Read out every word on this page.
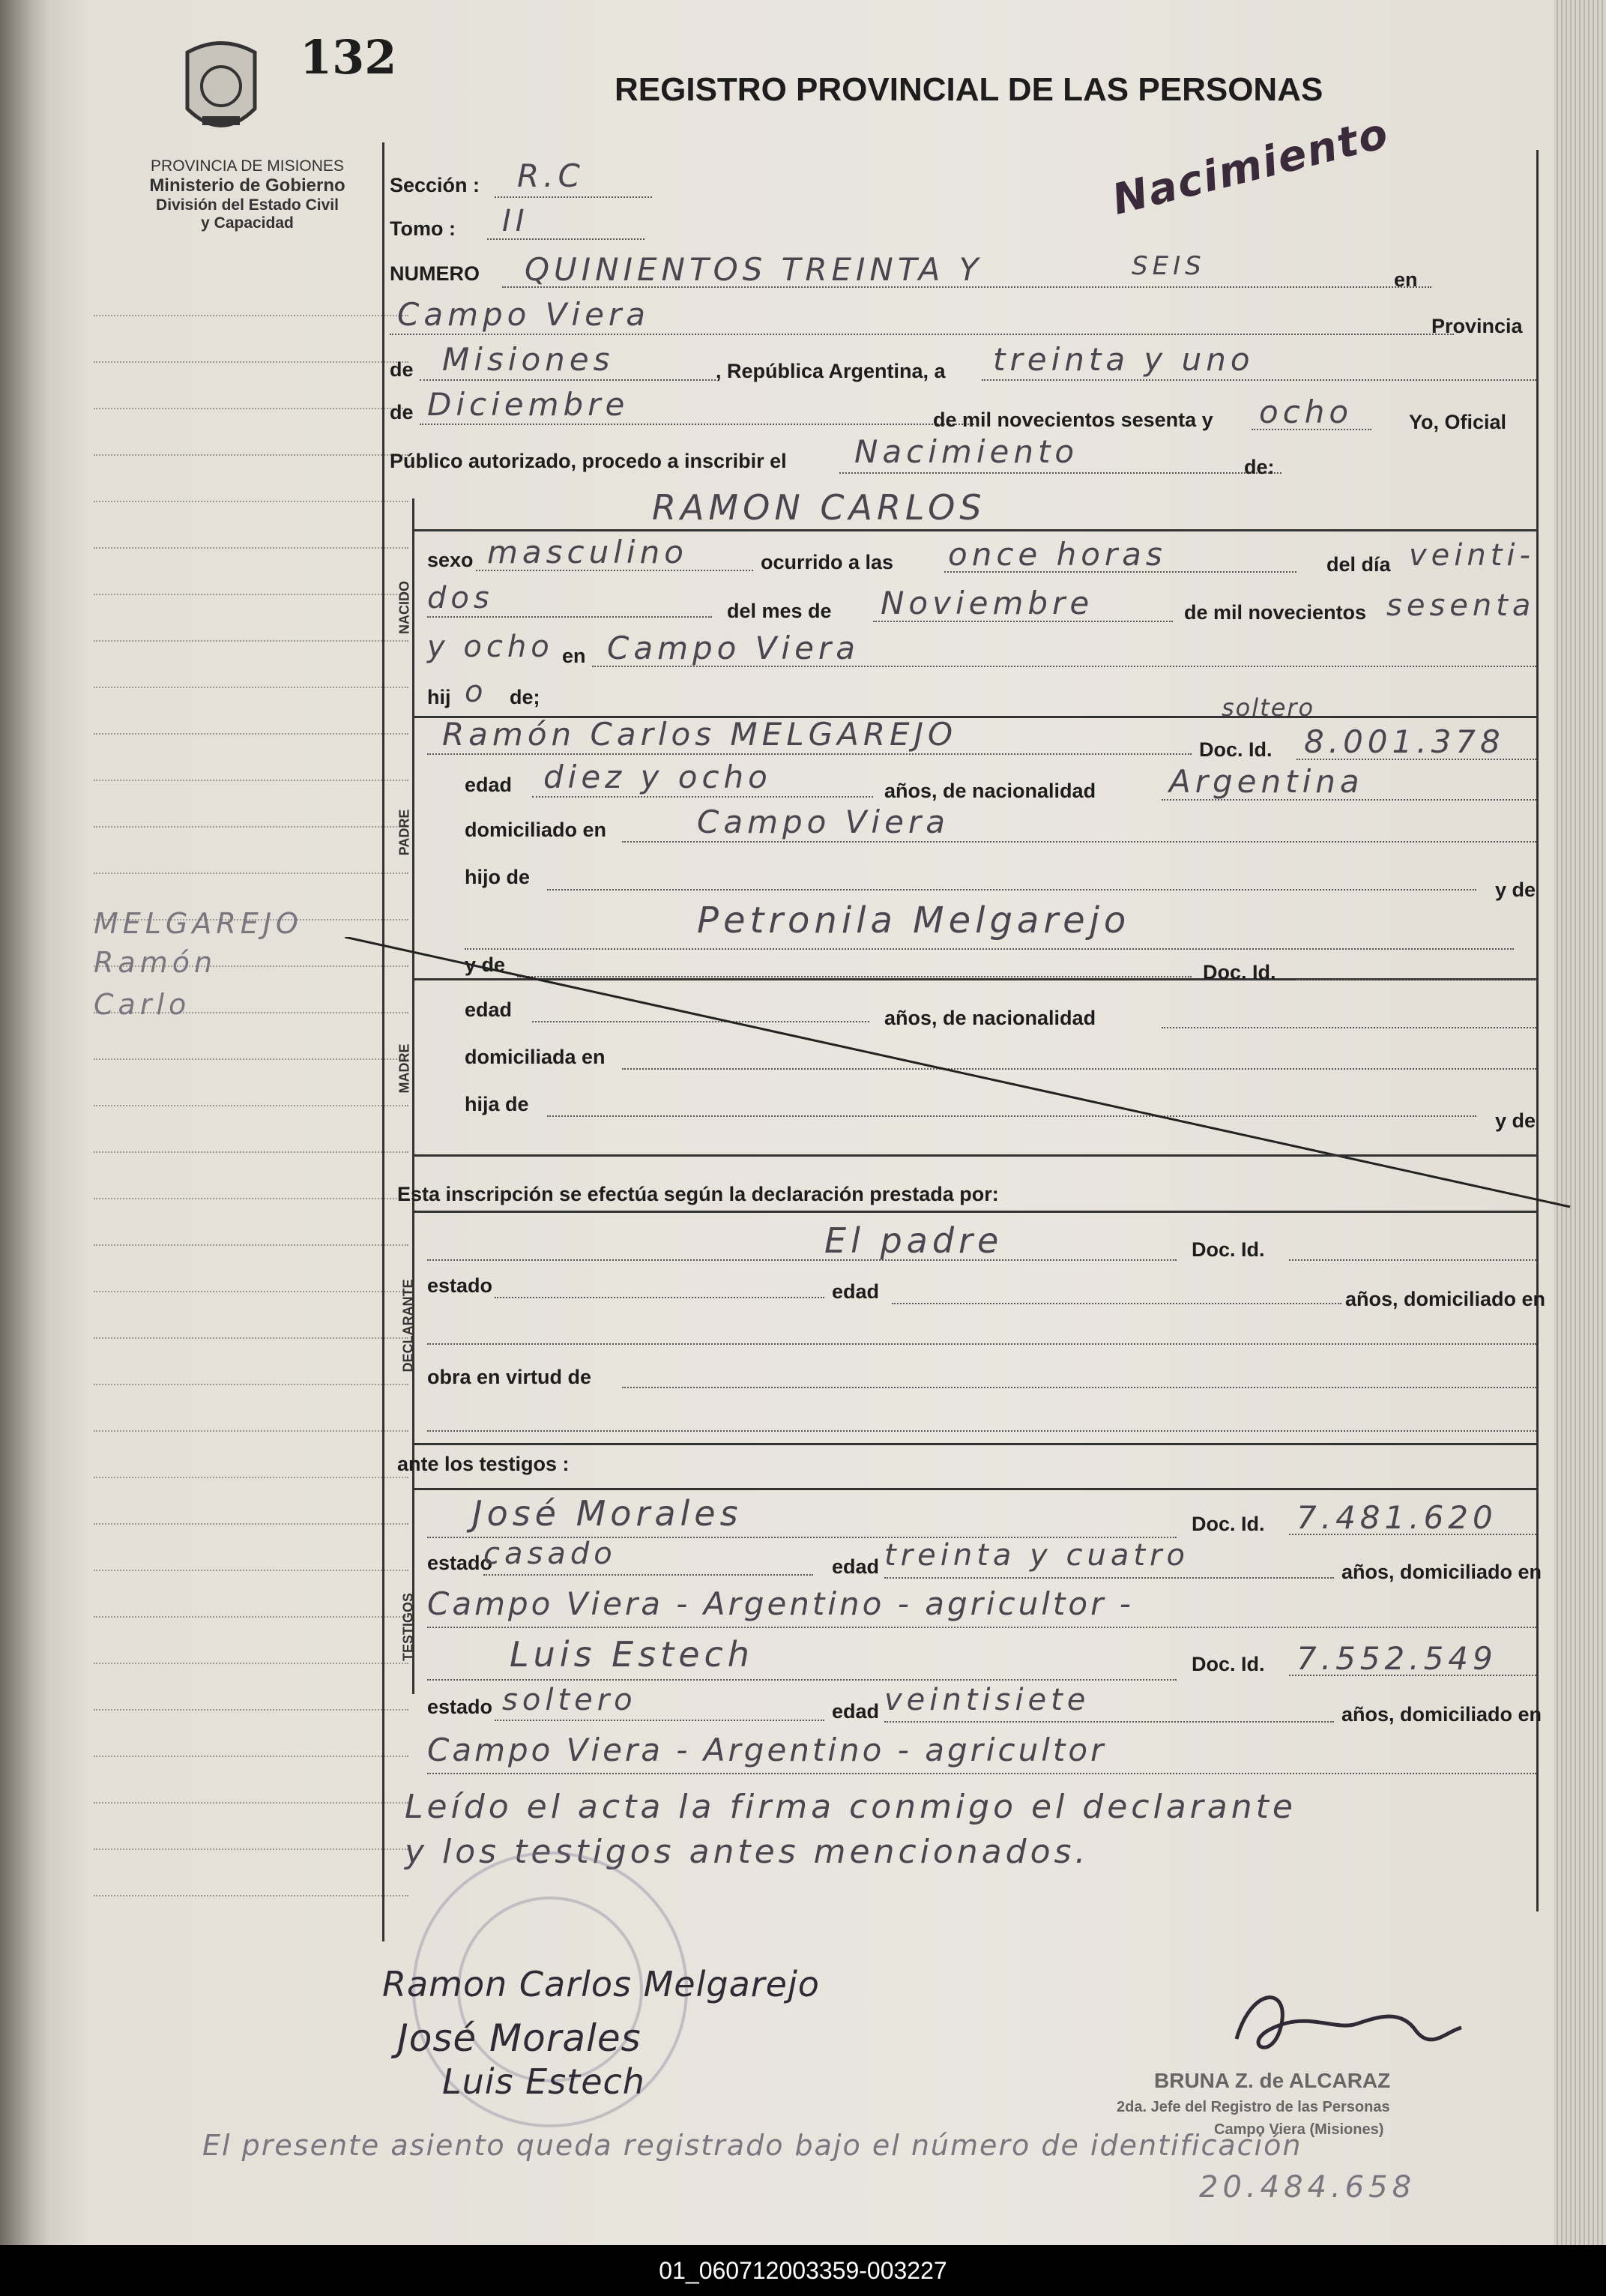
132
REGISTRO PROVINCIAL DE LAS PERSONAS
PROVINCIA DE MISIONES
Ministerio de Gobierno
División del Estado Civil
y Capacidad
MELGAREJO
Ramón
Carlo
Sección : R.C
Tomo : II	Nacimiento
NUMERO QUINIENTOS TREINTA Y	SEIS	en
Campo Viera	Provincia
de Misiones	, República Argentina, a treinta y uno
de Diciembre	de mil novecientos sesenta y ocho	Yo, Oficial
Público autorizado, procedo a inscribir el Nacimiento	de:
RAMON CARLOS
NACIDO
sexo masculino	ocurrido a las once horas	del día veinti-
dos	del mes de Noviembre	de mil novecientos sesenta
y ocho en Campo Viera
hij o de;
PADRE
soltero
Ramón Carlos MELGAREJO	Doc. Id. 8.001.378
edad diez y ocho	años, de nacionalidad Argentina
domiciliado en	Campo Viera
hijo de
y de
Petronila Melgarejo
MADRE
y de	Doc. Id.
edad	años, de nacionalidad
domiciliada en
hija de
y de
Esta inscripción se efectúa según la declaración prestada por:
DECLARANTE
El padre	Doc. Id.
estado	edad	años, domiciliado en
obra en virtud de
ante los testigos :
TESTIGOS
José Morales	Doc. Id. 7.481.620
estado
casado	edad treinta y cuatro	años, domiciliado en
Campo Viera - Argentino - agricultor -
Luis Estech	Doc. Id. 7.552.549
estado soltero	edad veintisiete	años, domiciliado en
Campo Viera - Argentino - agricultor
Leído el acta la firma conmigo el declarante
y los testigos antes mencionados.
Ramon Carlos Melgarejo
José Morales
Luis Estech	BRUNA Z. de ALCARAZ
2da. Jefe del Registro de las Personas
Campo Viera (Misiones)
El presente asiento queda registrado bajo el número de identificación
20.484.658
01_060712003359-003227
